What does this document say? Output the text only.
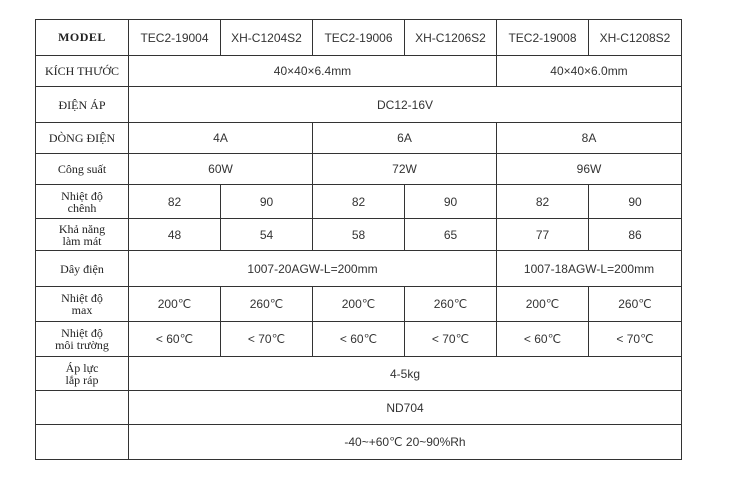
MODEL	TEC2-19004	XH-C1204S2	TEC2-19006	XH-C1206S2	TEC2-19008	XH-C1208S2
KÍCH THƯỚC	40×40×6.4mm				40×40×6.0mm	
ĐIỆN ÁP	DC12-16V					
DÒNG ĐIỆN	4A		6A		8A	
Công suất	60W		72W		96W	

Nhiệt độ
chênh	82	90	82	90	82	90

Khả năng
làm mát	48	54	58	65	77	86
Dây điện	1007-20AGW-L=200mm				1007-18AGW-L=200mm	

Nhiệt độ
max	200℃	260℃	200℃	260℃	200℃	260℃

Nhiệt độ
môi trường	< 60℃	< 70℃	< 60℃	< 70℃	< 60℃	< 70℃

Áp lực
lắp ráp	4-5kg					
	ND704					
	-40~+60℃ 20~90%Rh					
